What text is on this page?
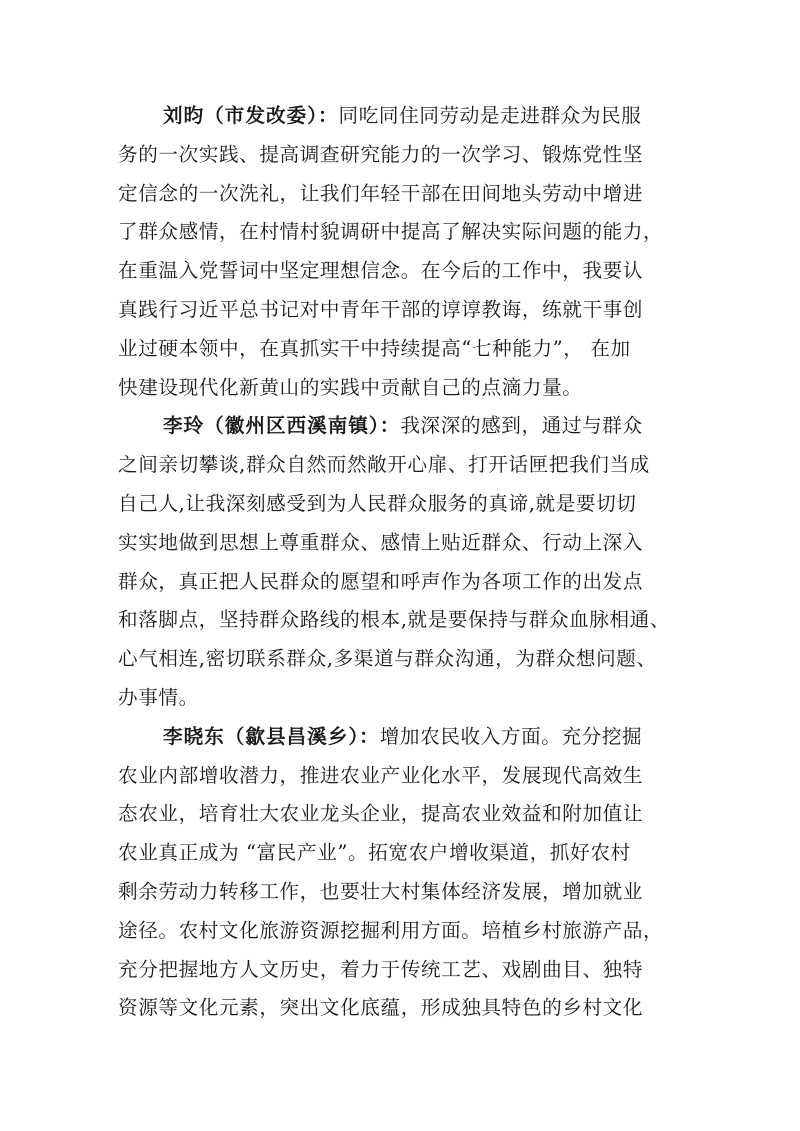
刘昀（市发改委）：同吃同住同劳动是走进群众为民服
务的一次实践、提高调查研究能力的一次学习、锻炼党性坚
定信念的一次洗礼，让我们年轻干部在田间地头劳动中增进
了群众感情，在村情村貌调研中提高了解决实际问题的能力，
在重温入党誓词中坚定理想信念。在今后的工作中，我要认
真践行习近平总书记对中青年干部的谆谆教诲，练就干事创
业过硬本领中，在真抓实干中持续提高“七种能力”， 在加
快建设现代化新黄山的实践中贡献自己的点滴力量。
李玲（徽州区西溪南镇）：我深深的感到，通过与群众
之间亲切攀谈,群众自然而然敞开心扉、打开话匣把我们当成
自己人,让我深刻感受到为人民群众服务的真谛,就是要切切
实实地做到思想上尊重群众、感情上贴近群众、行动上深入
群众，真正把人民群众的愿望和呼声作为各项工作的出发点
和落脚点，坚持群众路线的根本,就是要保持与群众血脉相通、
心气相连,密切联系群众,多渠道与群众沟通，为群众想问题、
办事情。
李晓东（歙县昌溪乡）：增加农民收入方面。充分挖掘
农业内部增收潜力，推进农业产业化水平，发展现代高效生
态农业，培育壮大农业龙头企业，提高农业效益和附加值让
农业真正成为 “富民产业”。拓宽农户增收渠道，抓好农村
剩余劳动力转移工作，也要壮大村集体经济发展，增加就业
途径。农村文化旅游资源挖掘利用方面。培植乡村旅游产品，
充分把握地方人文历史，着力于传统工艺、戏剧曲目、独特
资源等文化元素，突出文化底蕴，形成独具特色的乡村文化
